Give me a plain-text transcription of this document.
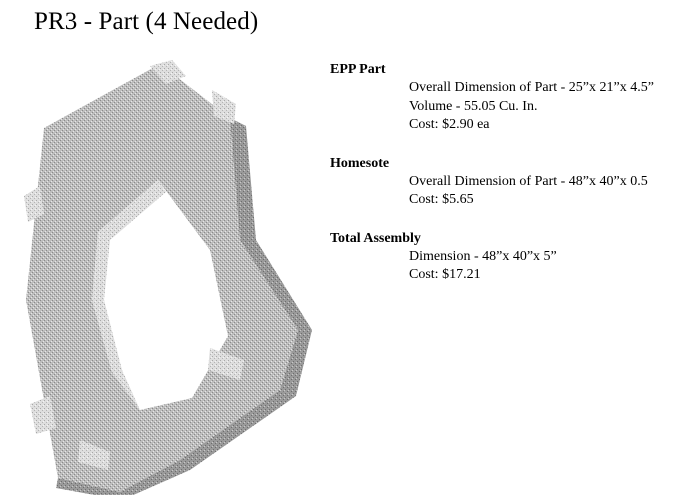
PR3 - Part (4 Needed)
EPP Part
Overall Dimension of Part - 25”x 21”x 4.5”
Volume - 55.05 Cu. In.
Cost: $2.90 ea
Homesote
Overall Dimension of Part - 48”x 40”x 0.5
Cost: $5.65
Total Assembly
Dimension - 48”x 40”x 5”
Cost: $17.21
